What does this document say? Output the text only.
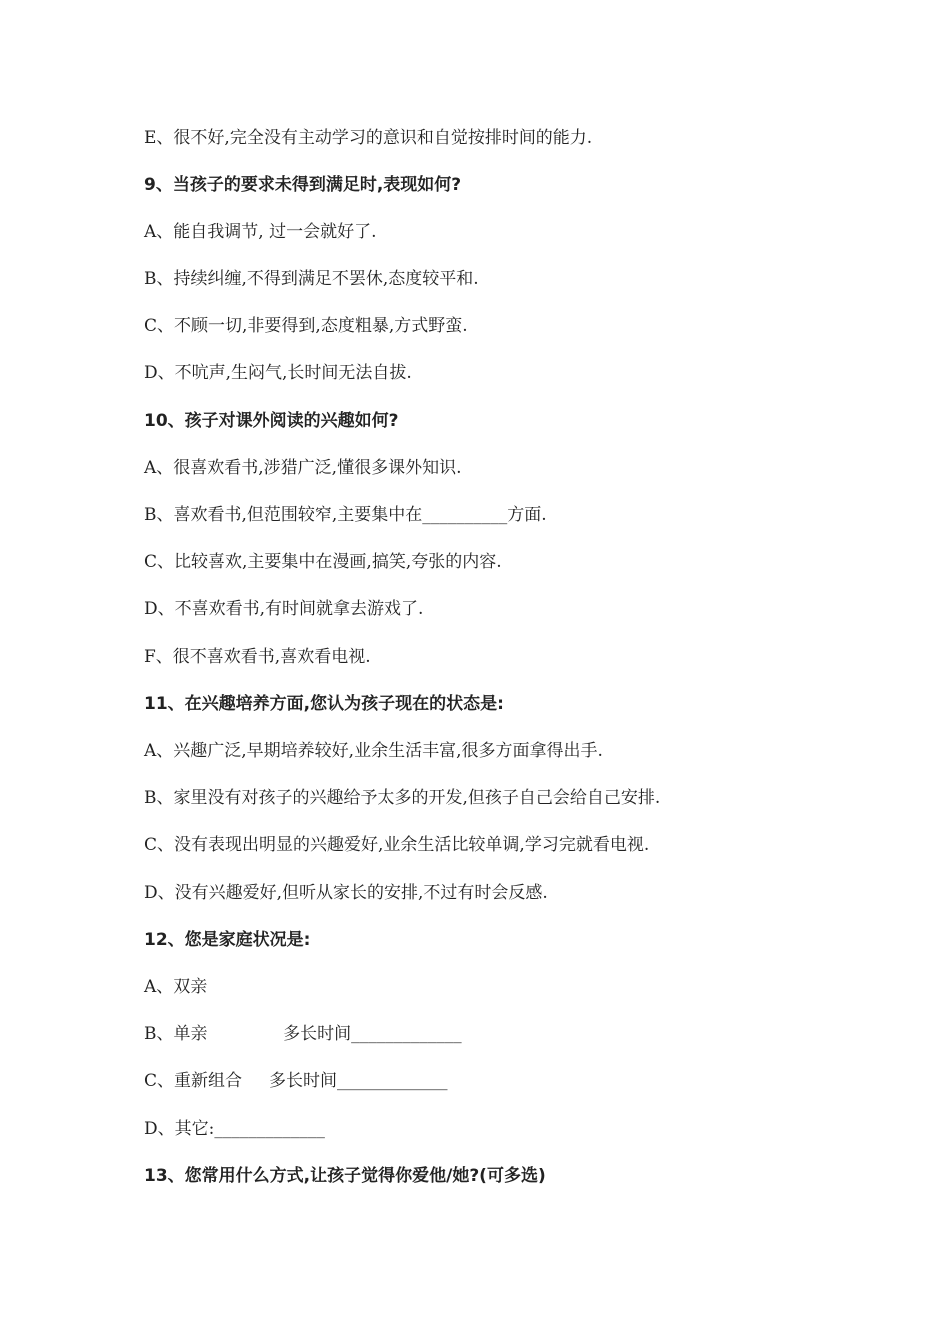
E、很不好,完全没有主动学习的意识和自觉按排时间的能力.
9、当孩子的要求未得到满足时,表现如何?
A、能自我调节, 过一会就好了.
B、持续纠缠,不得到满足不罢休,态度较平和.
C、不顾一切,非要得到,态度粗暴,方式野蛮.
D、不吭声,生闷气,长时间无法自拔.
10、孩子对课外阅读的兴趣如何?
A、很喜欢看书,涉猎广泛,懂很多课外知识.
B、喜欢看书,但范围较窄,主要集中在__________方面.
C、比较喜欢,主要集中在漫画,搞笑,夸张的内容.
D、不喜欢看书,有时间就拿去游戏了.
F、很不喜欢看书,喜欢看电视.
11、在兴趣培养方面,您认为孩子现在的状态是:
A、兴趣广泛,早期培养较好,业余生活丰富,很多方面拿得出手.
B、家里没有对孩子的兴趣给予太多的开发,但孩子自己会给自己安排.
C、没有表现出明显的兴趣爱好,业余生活比较单调,学习完就看电视.
D、没有兴趣爱好,但听从家长的安排,不过有时会反感.
12、您是家庭状况是:
A、双亲
B、单亲              多长时间_____________
C、重新组合     多长时间_____________
D、其它:_____________
13、您常用什么方式,让孩子觉得你爱他/她?(可多选)
